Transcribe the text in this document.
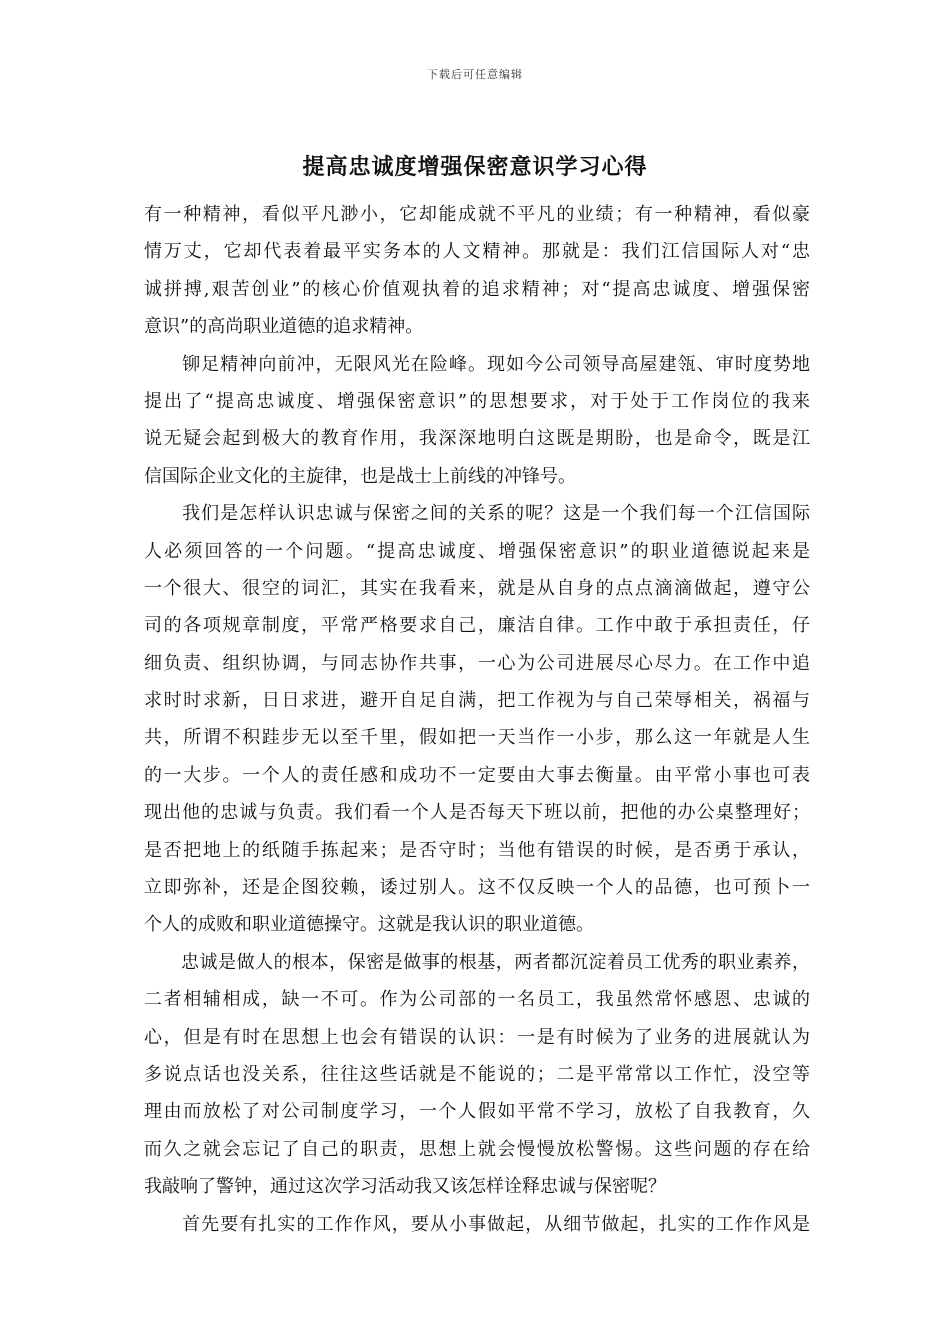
下载后可任意编辑
提高忠诚度增强保密意识学习心得
有一种精神，看似平凡渺小，它却能成就不平凡的业绩；有一种精神，看似豪
情万丈，它却代表着最平实务本的人文精神。那就是：我们江信国际人对“忠
诚拼搏,艰苦创业”的核心价值观执着的追求精神；对“提高忠诚度、增强保密
意识”的高尚职业道德的追求精神。
　　铆足精神向前冲，无限风光在险峰。现如今公司领导高屋建瓴、审时度势地
提出了“提高忠诚度、增强保密意识”的思想要求，对于处于工作岗位的我来
说无疑会起到极大的教育作用，我深深地明白这既是期盼，也是命令，既是江
信国际企业文化的主旋律，也是战士上前线的冲锋号。
　　我们是怎样认识忠诚与保密之间的关系的呢？这是一个我们每一个江信国际
人必须回答的一个问题。“提高忠诚度、增强保密意识”的职业道德说起来是
一个很大、很空的词汇，其实在我看来，就是从自身的点点滴滴做起，遵守公
司的各项规章制度，平常严格要求自己，廉洁自律。工作中敢于承担责任，仔
细负责、组织协调，与同志协作共事，一心为公司进展尽心尽力。在工作中追
求时时求新，日日求进，避开自足自满，把工作视为与自己荣辱相关，祸福与
共，所谓不积跬步无以至千里，假如把一天当作一小步，那么这一年就是人生
的一大步。一个人的责任感和成功不一定要由大事去衡量。由平常小事也可表
现出他的忠诚与负责。我们看一个人是否每天下班以前，把他的办公桌整理好；
是否把地上的纸随手拣起来；是否守时；当他有错误的时候，是否勇于承认，
立即弥补，还是企图狡赖，诿过别人。这不仅反映一个人的品德，也可预卜一
个人的成败和职业道德操守。这就是我认识的职业道德。
　　忠诚是做人的根本，保密是做事的根基，两者都沉淀着员工优秀的职业素养，
二者相辅相成，缺一不可。作为公司部的一名员工，我虽然常怀感恩、忠诚的
心，但是有时在思想上也会有错误的认识：一是有时候为了业务的进展就认为
多说点话也没关系，往往这些话就是不能说的；二是平常常以工作忙，没空等
理由而放松了对公司制度学习，一个人假如平常不学习，放松了自我教育，久
而久之就会忘记了自己的职责，思想上就会慢慢放松警惕。这些问题的存在给
我敲响了警钟，通过这次学习活动我又该怎样诠释忠诚与保密呢？
　　首先要有扎实的工作作风，要从小事做起，从细节做起，扎实的工作作风是
